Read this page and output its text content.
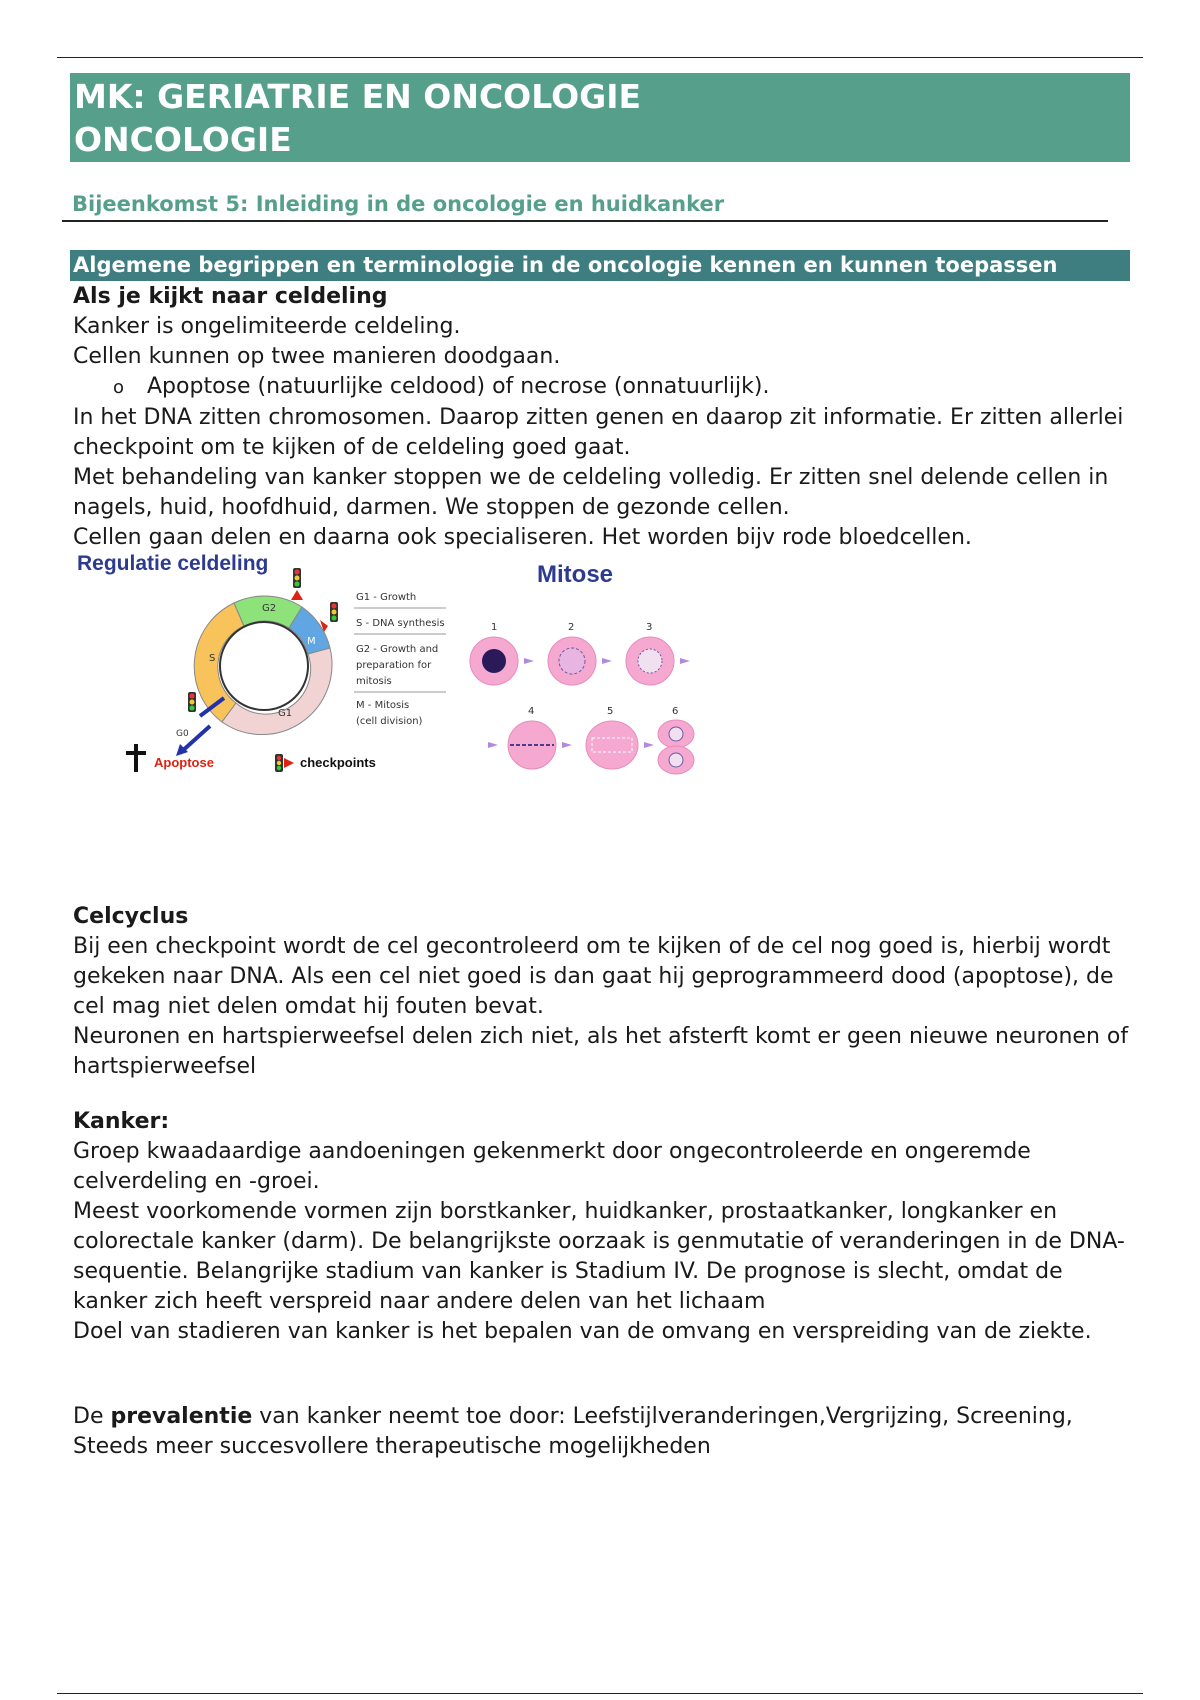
MK: GERIATRIE EN ONCOLOGIE
ONCOLOGIE
Bijeenkomst 5: Inleiding in de oncologie en huidkanker
Algemene begrippen en terminologie in de oncologie kennen en kunnen toepassen

Als je kijkt naar celdeling

Kanker is ongelimiteerde celdeling.

Cellen kunnen op twee manieren doodgaan.

o Apoptose (natuurlijke celdood) of necrose (onnatuurlijk).

In het DNA zitten chromosomen. Daarop zitten genen en daarop zit informatie. Er zitten allerlei checkpoint om te kijken of de celdeling goed gaat.

Met behandeling van kanker stoppen we de celdeling volledig. Er zitten snel delende cellen in nagels, huid, hoofdhuid, darmen. We stoppen de gezonde cellen.

Cellen gaan delen en daarna ook specialiseren. Het worden bijv rode bloedcellen.

Regulatie celdeling
S
G2
M
G1
G0
Apoptose	checkpoints
G1 - Growth
S - DNA synthesis
G2 - Growth and
preparation for
mitosis
M - Mitosis
(cell division)
Mitose
1	2	3
4	5	6

Celcyclus

Bij een checkpoint wordt de cel gecontroleerd om te kijken of de cel nog goed is, hierbij wordt gekeken naar DNA. Als een cel niet goed is dan gaat hij geprogrammeerd dood (apoptose), de cel mag niet delen omdat hij fouten bevat.

Neuronen en hartspierweefsel delen zich niet, als het afsterft komt er geen nieuwe neuronen of hartspierweefsel

Kanker:

Groep kwaadaardige aandoeningen gekenmerkt door ongecontroleerde en ongeremde celverdeling en -groei.

Meest voorkomende vormen zijn borstkanker, huidkanker, prostaatkanker, longkanker en colorectale kanker (darm). De belangrijkste oorzaak is genmutatie of veranderingen in de DNA-sequentie. Belangrijke stadium van kanker is Stadium IV. De prognose is slecht, omdat de kanker zich heeft verspreid naar andere delen van het lichaam

Doel van stadieren van kanker is het bepalen van de omvang en verspreiding van de ziekte.

De prevalentie van kanker neemt toe door: Leefstijlveranderingen,Vergrijzing, Screening, Steeds meer succesvollere therapeutische mogelijkheden
